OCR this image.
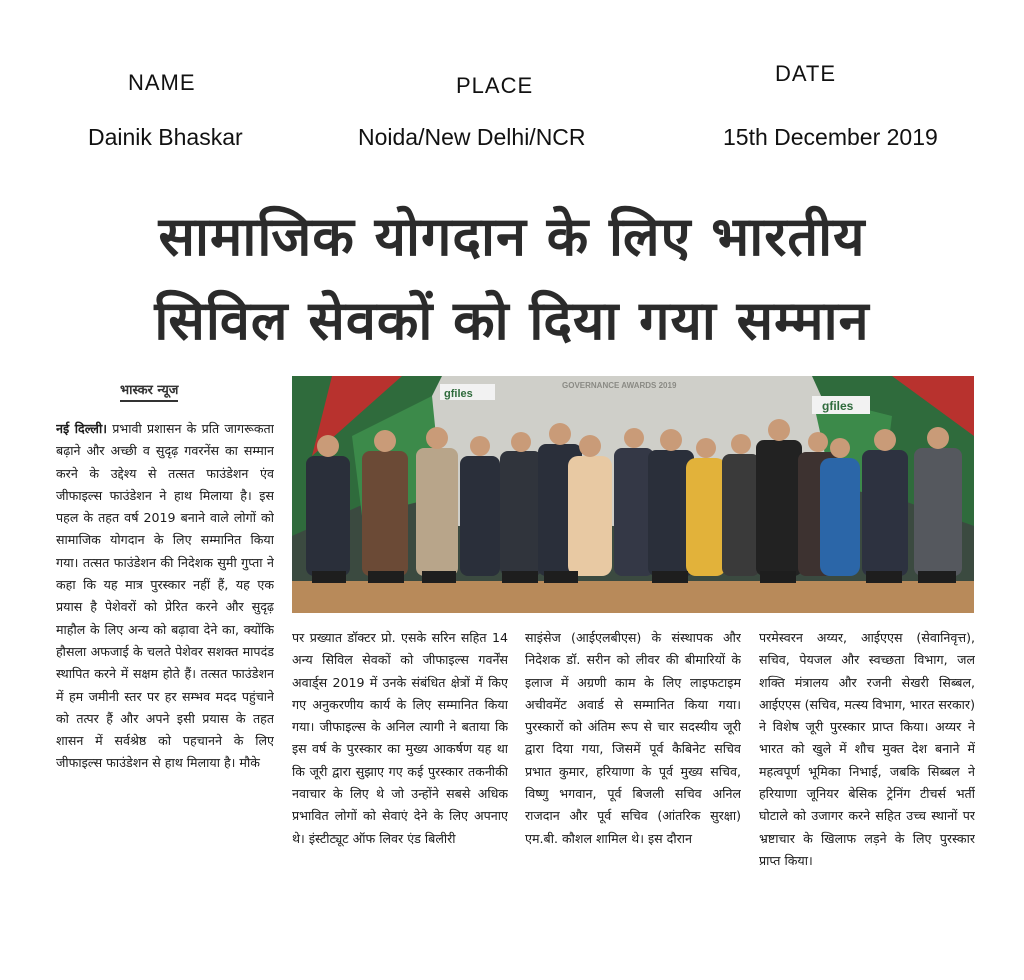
NAME	PLACE	DATE
Dainik Bhaskar	Noida/New Delhi/NCR	15th December 2019
सामाजिक योगदान के लिए भारतीय
सिविल सेवकों को दिया गया सम्मान
भास्कर न्यूज
नई दिल्ली। प्रभावी प्रशासन के प्रति जागरूकता बढ़ाने और अच्छी व सुदृढ़ गवरनेंस का सम्मान करने के उद्देश्य से तत्सत फाउंडेशन एंव जीफाइल्स फाउंडेशन ने हाथ मिलाया है। इस पहल के तहत वर्ष 2019 बनाने वाले लोगों को सामाजिक योगदान के लिए सम्मानित किया गया। तत्सत फाउंडेशन की निदेशक सुमी गुप्ता ने कहा कि यह मात्र पुरस्कार नहीं हैं, यह एक प्रयास है पेशेवरों को प्रेरित करने और सुदृढ़ माहौल के लिए अन्य को बढ़ावा देने का, क्योंकि हौसला अफजाई के चलते पेशेवर सशक्त मापदंड स्थापित करने में सक्षम होते हैं। तत्सत फाउंडेशन में हम जमीनी स्तर पर हर सम्भव मदद पहुंचाने को तत्पर हैं और अपने इसी प्रयास के तहत शासन में सर्वश्रेष्ठ को पहचानने के लिए जीफाइल्स फाउंडेशन से हाथ मिलाया है। मौके
gfiles
gfiles
GOVERNANCE AWARDS 2019
पर प्रख्यात डॉक्टर प्रो. एसके सरिन सहित 14 अन्य सिविल सेवकों को जीफाइल्स गवर्नेंस अवार्ड्स 2019 में उनके संबंधित क्षेत्रों में किए गए अनुकरणीय कार्य के लिए सम्मानित किया गया। जीफाइल्स के अनिल त्यागी ने बताया कि इस वर्ष के पुरस्कार का मुख्य आकर्षण यह था कि जूरी द्वारा सुझाए गए कई पुरस्कार तकनीकी नवाचार के लिए थे जो उन्होंने सबसे अधिक प्रभावित लोगों को सेवाएं देने के लिए अपनाए थे। इंस्टीट्यूट ऑफ लिवर एंड बिलीरी
साइंसेज (आईएलबीएस) के संस्थापक और निदेशक डॉ. सरीन को लीवर की बीमारियों के इलाज में अग्रणी काम के लिए लाइफटाइम अचीवमेंट अवार्ड से सम्मानित किया गया। पुरस्कारों को अंतिम रूप से चार सदस्यीय जूरी द्वारा दिया गया, जिसमें पूर्व कैबिनेट सचिव प्रभात कुमार, हरियाणा के पूर्व मुख्य सचिव, विष्णु भगवान, पूर्व बिजली सचिव अनिल राजदान और पूर्व सचिव (आंतरिक सुरक्षा) एम.बी. कौशल शामिल थे। इस दौरान
परमेस्वरन अय्यर, आईएएस (सेवानिवृत्त), सचिव, पेयजल और स्वच्छता विभाग, जल शक्ति मंत्रालय और रजनी सेखरी सिब्बल, आईएएस (सचिव, मत्स्य विभाग, भारत सरकार) ने विशेष जूरी पुरस्कार प्राप्त किया। अय्यर ने भारत को खुले में शौच मुक्त देश बनाने में महत्वपूर्ण भूमिका निभाई, जबकि सिब्बल ने हरियाणा जूनियर बेसिक ट्रेनिंग टीचर्स भर्ती घोटाले को उजागर करने सहित उच्च स्थानों पर भ्रष्टाचार के खिलाफ लड़ने के लिए पुरस्कार प्राप्त किया।
